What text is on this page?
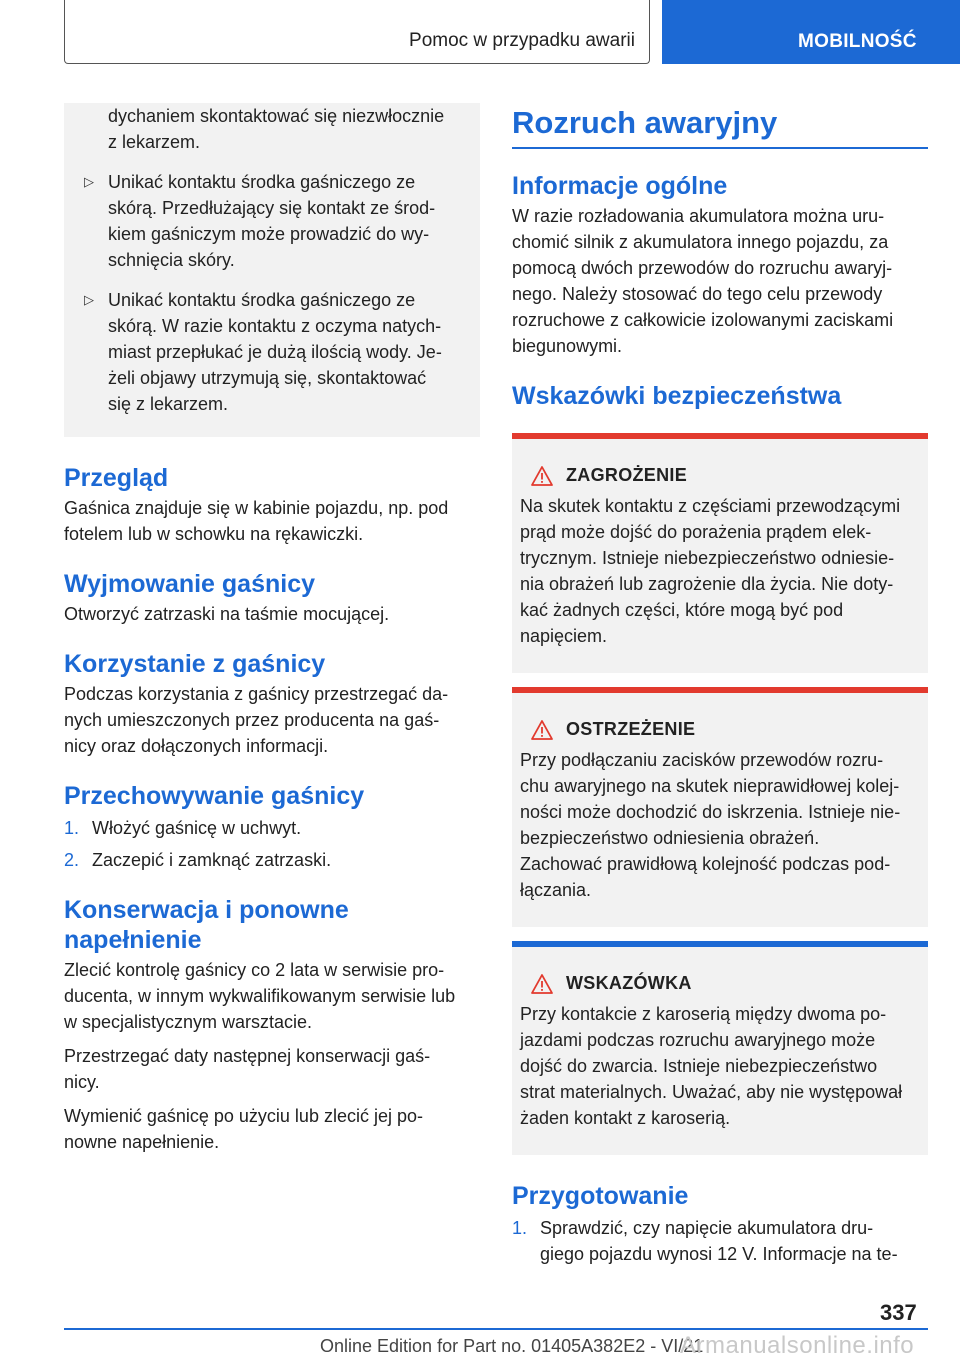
Pomoc w przypadku awarii	MOBILNOŚĆ
dychaniem skontaktować się niezwłocznie
z lekarzem.
▷ Unikać kontaktu środka gaśniczego ze
skórą. Przedłużający się kontakt ze środ-
kiem gaśniczym może prowadzić do wy-
schnięcia skóry.
▷ Unikać kontaktu środka gaśniczego ze
skórą. W razie kontaktu z oczyma natych-
miast przepłukać je dużą ilością wody. Je-
żeli objawy utrzymują się, skontaktować
się z lekarzem.
Przegląd

Gaśnica znajduje się w kabinie pojazdu, np. pod
fotelem lub w schowku na rękawiczki.

Wyjmowanie gaśnicy

Otworzyć zatrzaski na taśmie mocującej.

Korzystanie z gaśnicy

Podczas korzystania z gaśnicy przestrzegać da-
nych umieszczonych przez producenta na gaś-
nicy oraz dołączonych informacji.

Przechowywanie gaśnicy
1. Włożyć gaśnicę w uchwyt.
2. Zaczepić i zamknąć zatrzaski.
Konserwacja i ponowne
napełnienie

Zlecić kontrolę gaśnicy co 2 lata w serwisie pro-
ducenta, w innym wykwalifikowanym serwisie lub
w specjalistycznym warsztacie.

Przestrzegać daty następnej konserwacji gaś-
nicy.

Wymienić gaśnicę po użyciu lub zlecić jej po-
nowne napełnienie.

Rozruch awaryjny
Informacje ogólne

W razie rozładowania akumulatora można uru-
chomić silnik z akumulatora innego pojazdu, za
pomocą dwóch przewodów do rozruchu awaryj-
nego. Należy stosować do tego celu przewody
rozruchowe z całkowicie izolowanymi zaciskami
biegunowymi.

Wskazówki bezpieczeństwa
ZAGROŻENIE

Na skutek kontaktu z częściami przewodzącymi
prąd może dojść do porażenia prądem elek-
trycznym. Istnieje niebezpieczeństwo odniesie-
nia obrażeń lub zagrożenie dla życia. Nie doty-
kać żadnych części, które mogą być pod
napięciem.

OSTRZEŻENIE

Przy podłączaniu zacisków przewodów rozru-
chu awaryjnego na skutek nieprawidłowej kolej-
ności może dochodzić do iskrzenia. Istnieje nie-
bezpieczeństwo odniesienia obrażeń.
Zachować prawidłową kolejność podczas pod-
łączania.

WSKAZÓWKA

Przy kontakcie z karoserią między dwoma po-
jazdami podczas rozruchu awaryjnego może
dojść do zwarcia. Istnieje niebezpieczeństwo
strat materialnych. Uważać, aby nie występował
żaden kontakt z karoserią.

Przygotowanie
1. Sprawdzić, czy napięcie akumulatora dru-
giego pojazdu wynosi 12 V. Informacje na te-
337
Online Edition for Part no. 01405A382E2 - VI/21
Armanualsonline.info
